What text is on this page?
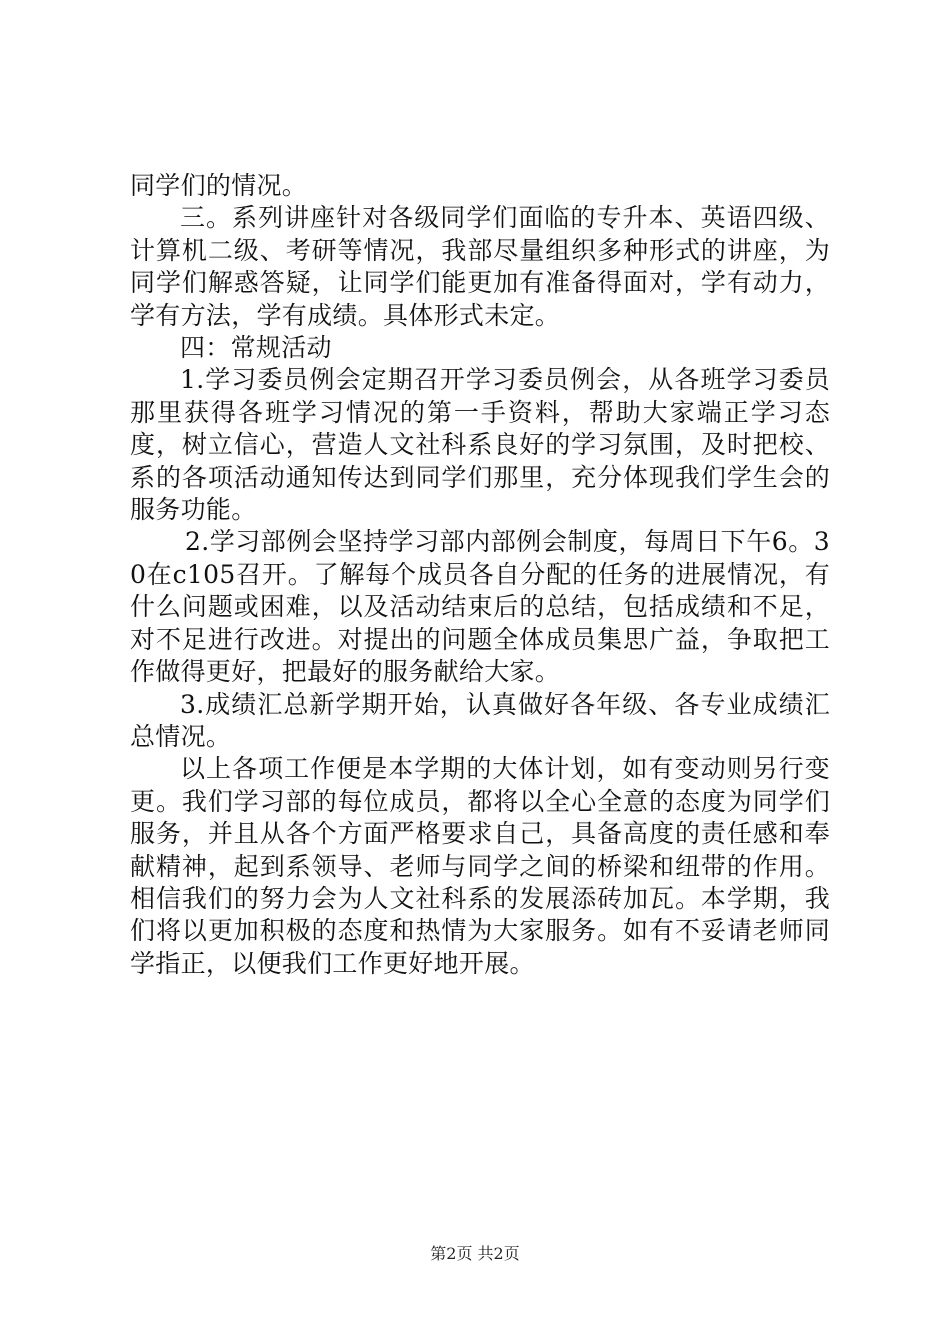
同学们的情况。

三。系列讲座针对各级同学们面临的专升本、英语四级、计算机二级、考研等情况，我部尽量组织多种形式的讲座，为同学们解惑答疑，让同学们能更加有准备得面对，学有动力，学有方法，学有成绩。具体形式未定。

四：常规活动

1.学习委员例会定期召开学习委员例会，从各班学习委员那里获得各班学习情况的第一手资料，帮助大家端正学习态度，树立信心，营造人文社科系良好的学习氛围，及时把校、系的各项活动通知传达到同学们那里，充分体现我们学生会的服务功能。

2.学习部例会坚持学习部内部例会制度，每周日下午6。30在c105召开。了解每个成员各自分配的任务的进展情况，有什么问题或困难，以及活动结束后的总结，包括成绩和不足，对不足进行改进。对提出的问题全体成员集思广益，争取把工作做得更好，把最好的服务献给大家。

3.成绩汇总新学期开始，认真做好各年级、各专业成绩汇总情况。

以上各项工作便是本学期的大体计划，如有变动则另行变更。我们学习部的每位成员，都将以全心全意的态度为同学们服务，并且从各个方面严格要求自己，具备高度的责任感和奉献精神，起到系领导、老师与同学之间的桥梁和纽带的作用。相信我们的努力会为人文社科系的发展添砖加瓦。本学期，我们将以更加积极的态度和热情为大家服务。如有不妥请老师同学指正，以便我们工作更好地开展。

第2页 共2页
